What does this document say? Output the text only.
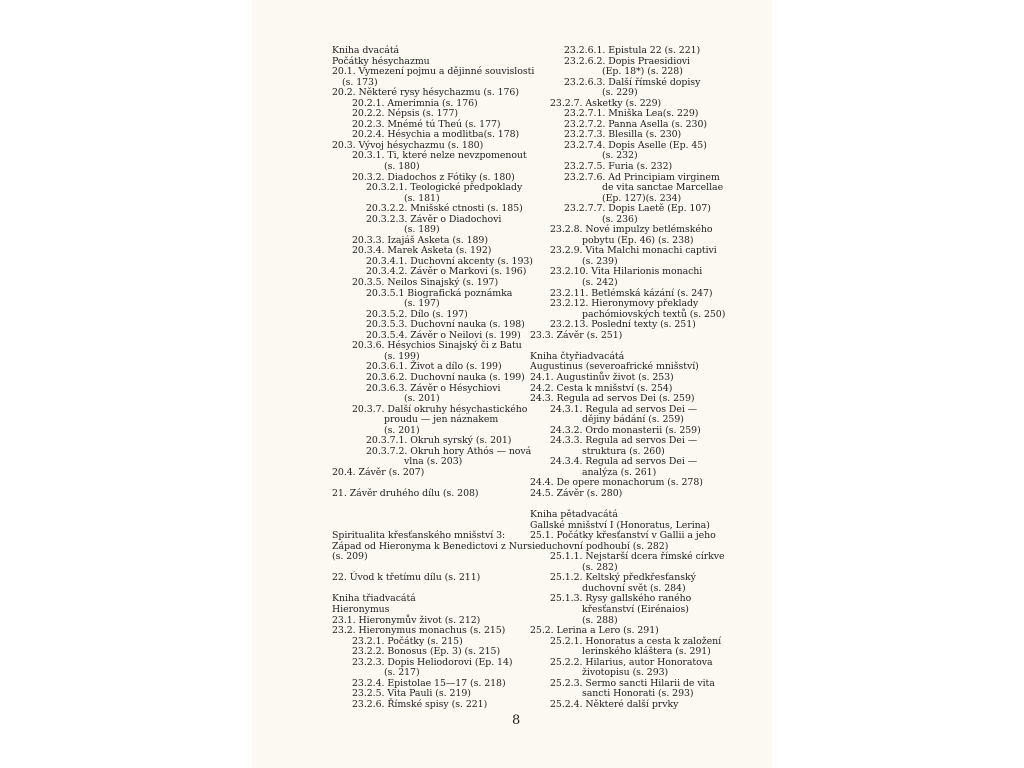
Kniha dvacátá
Počátky hésychazmu
20.1. Vymezení pojmu a dějinné souvislosti
(s. 173)
20.2. Některé rysy hésychazmu (s. 176)
20.2.1. Amerimnia (s. 176)
20.2.2. Népsis (s. 177)
20.2.3. Mnémé tú Theú (s. 177)
20.2.4. Hésychia a modlitba(s. 178)
20.3. Vývoj hésychazmu (s. 180)
20.3.1. Ti, které nelze nevzpomenout
(s. 180)
20.3.2. Diadochos z Fótiky (s. 180)
20.3.2.1. Teologické předpoklady
(s. 181)
20.3.2.2. Mnišské ctnosti (s. 185)
20.3.2.3. Závěr o Diadochovi
(s. 189)
20.3.3. Izajáš Asketa (s. 189)
20.3.4. Marek Asketa (s. 192)
20.3.4.1. Duchovní akcenty (s. 193)
20.3.4.2. Závěr o Markovi (s. 196)
20.3.5. Neilos Sinajský (s. 197)
20.3.5.1 Biografická poznámka
(s. 197)
20.3.5.2. Dílo (s. 197)
20.3.5.3. Duchovní nauka (s. 198)
20.3.5.4. Závěr o Neilovi (s. 199)
20.3.6. Hésychios Sinajský či z Batu
(s. 199)
20.3.6.1. Život a dílo (s. 199)
20.3.6.2. Duchovní nauka (s. 199)
20.3.6.3. Závěr o Hésychiovi
(s. 201)
20.3.7. Další okruhy hésychastického
proudu — jen náznakem
(s. 201)
20.3.7.1. Okruh syrský (s. 201)
20.3.7.2. Okruh hory Athós — nová
vlna (s. 203)
20.4. Závěr (s. 207)
21. Závěr druhého dílu (s. 208)
Spiritualita křesťanského mnišství 3:
Západ od Hieronyma k Benedictovi z Nursie
(s. 209)
22. Úvod k třetímu dílu (s. 211)
Kniha třiadvacátá
Hieronymus
23.1. Hieronymův život (s. 212)
23.2. Hieronymus monachus (s. 215)
23.2.1. Počátky (s. 215)
23.2.2. Bonosus (Ep. 3) (s. 215)
23.2.3. Dopis Heliodorovi (Ep. 14)
(s. 217)
23.2.4. Epistolae 15—17 (s. 218)
23.2.5. Vita Pauli (s. 219)
23.2.6. Římské spisy (s. 221)
23.2.6.1. Epistula 22 (s. 221)
23.2.6.2. Dopis Praesidiovi
(Ep. 18*) (s. 228)
23.2.6.3. Další římské dopisy
(s. 229)
23.2.7. Asketky (s. 229)
23.2.7.1. Mniška Lea(s. 229)
23.2.7.2. Panna Asella (s. 230)
23.2.7.3. Blesilla (s. 230)
23.2.7.4. Dopis Aselle (Ep. 45)
(s. 232)
23.2.7.5. Furia (s. 232)
23.2.7.6. Ad Principiam virginem
de vita sanctae Marcellae
(Ep. 127)(s. 234)
23.2.7.7. Dopis Laetě (Ep. 107)
(s. 236)
23.2.8. Nové impulzy betlémského
pobytu (Ep. 46) (s. 238)
23.2.9. Vita Malchi monachi captivi
(s. 239)
23.2.10. Vita Hilarionis monachi
(s. 242)
23.2.11. Betlémská kázání (s. 247)
23.2.12. Hieronymovy překlady
pachómiovských textů (s. 250)
23.2.13. Poslední texty (s. 251)
23.3. Závěr (s. 251)
Kniha čtyřiadvacátá
Augustinus (severoafrické mnišství)
24.1. Augustinův život (s. 253)
24.2. Cesta k mnišství (s. 254)
24.3. Regula ad servos Dei (s. 259)
24.3.1. Regula ad servos Dei —
dějiny bádání (s. 259)
24.3.2. Ordo monasterii (s. 259)
24.3.3. Regula ad servos Dei —
struktura (s. 260)
24.3.4. Regula ad servos Dei —
analýza (s. 261)
24.4. De opere monachorum (s. 278)
24.5. Závěr (s. 280)
Kniha pětadvacátá
Gallské mnišství I (Honoratus, Lerina)
25.1. Počátky křesťanství v Gallii a jeho
duchovní podhoubí (s. 282)
25.1.1. Nejstarší dcera římské církve
(s. 282)
25.1.2. Keltský předkřesťanský
duchovní svět (s. 284)
25.1.3. Rysy gallského raného
křesťanství (Eirénaios)
(s. 288)
25.2. Lerina a Lero (s. 291)
25.2.1. Honoratus a cesta k založení
lerinského kláštera (s. 291)
25.2.2. Hilarius, autor Honoratova
životopisu (s. 293)
25.2.3. Sermo sancti Hilarii de vita
sancti Honorati (s. 293)
25.2.4. Některé další prvky
8
